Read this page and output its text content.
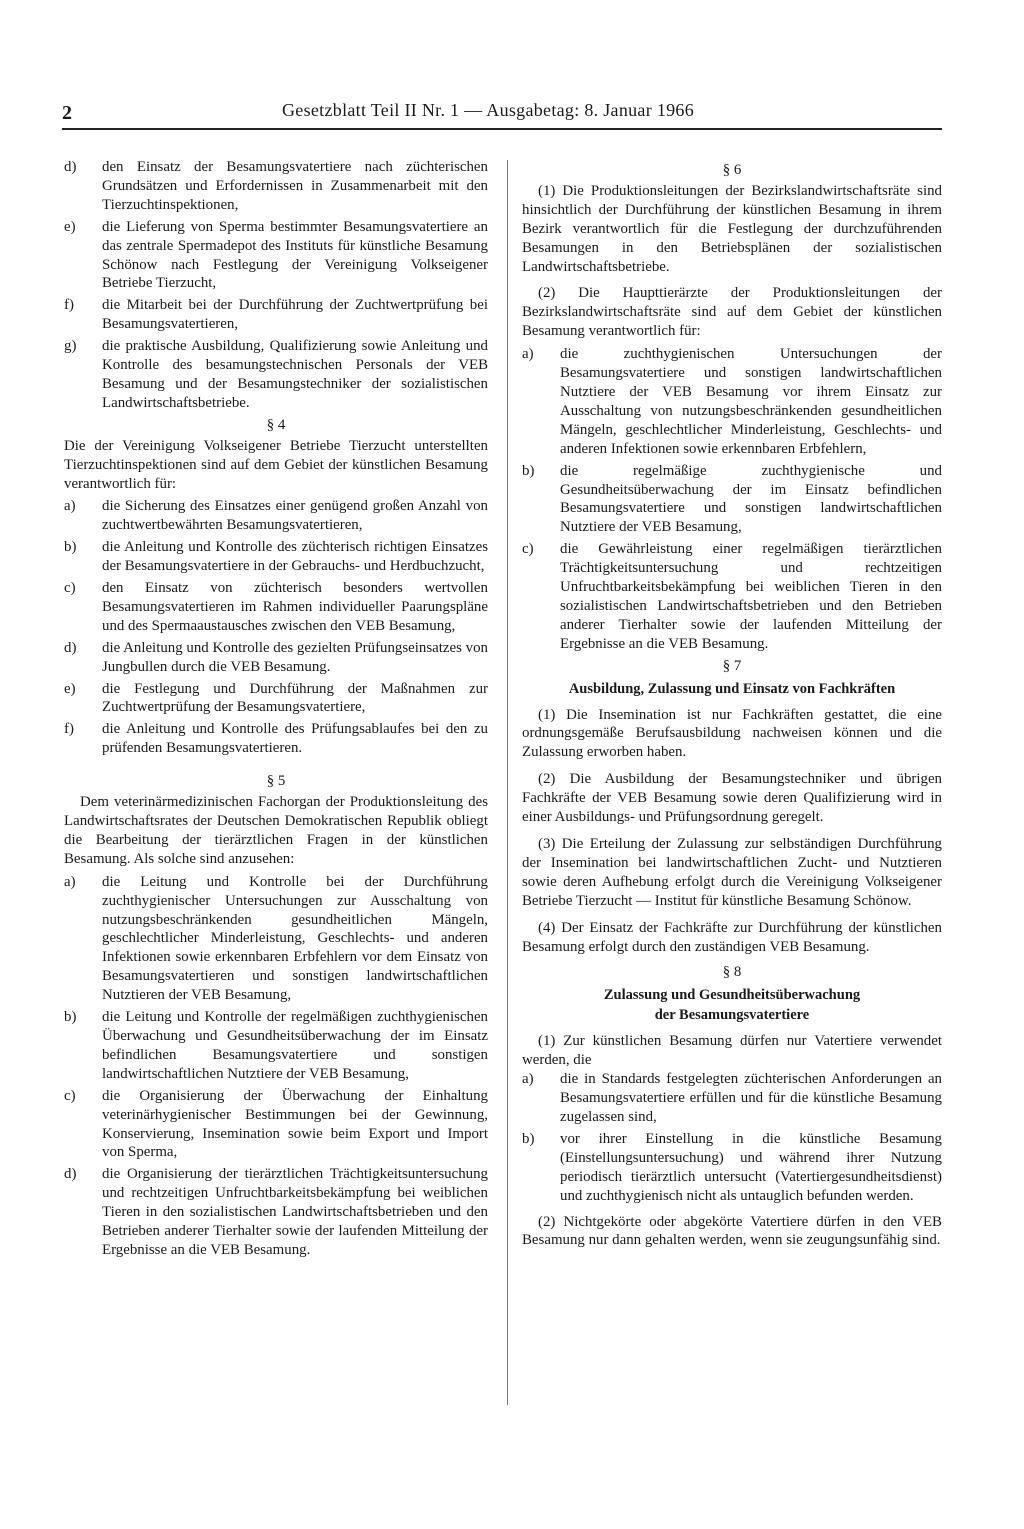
2	Gesetzblatt Teil II Nr. 1 — Ausgabetag: 8. Januar 1966
d)	den Einsatz der Besamungsvatertiere nach züchterischen Grundsätzen und Erfordernissen in Zusammenarbeit mit den Tierzuchtinspektionen,
e)	die Lieferung von Sperma bestimmter Besamungsvatertiere an das zentrale Spermadepot des Instituts für künstliche Besamung Schönow nach Festlegung der Vereinigung Volkseigener Betriebe Tierzucht,
f)	die Mitarbeit bei der Durchführung der Zuchtwertprüfung bei Besamungsvatertieren,
g)	die praktische Ausbildung, Qualifizierung sowie Anleitung und Kontrolle des besamungstechnischen Personals der VEB Besamung und der Besamungstechniker der sozialistischen Landwirtschaftsbetriebe.
§ 4

Die der Vereinigung Volkseigener Betriebe Tierzucht unterstellten Tierzuchtinspektionen sind auf dem Gebiet der künstlichen Besamung verantwortlich für:

a)	die Sicherung des Einsatzes einer genügend großen Anzahl von zuchtwertbewährten Besamungsvatertieren,
b)	die Anleitung und Kontrolle des züchterisch richtigen Einsatzes der Besamungsvatertiere in der Gebrauchs- und Herdbuchzucht,
c)	den Einsatz von züchterisch besonders wertvollen Besamungsvatertieren im Rahmen individueller Paarungspläne und des Spermaaustausches zwischen den VEB Besamung,
d)	die Anleitung und Kontrolle des gezielten Prüfungseinsatzes von Jungbullen durch die VEB Besamung.
e)	die Festlegung und Durchführung der Maßnahmen zur Zuchtwertprüfung der Besamungsvatertiere,
f)	die Anleitung und Kontrolle des Prüfungsablaufes bei den zu prüfenden Besamungsvatertieren.
§ 5

Dem veterinärmedizinischen Fachorgan der Produktionsleitung des Landwirtschaftsrates der Deutschen Demokratischen Republik obliegt die Bearbeitung der tierärztlichen Fragen in der künstlichen Besamung. Als solche sind anzusehen:

a)	die Leitung und Kontrolle bei der Durchführung zuchthygienischer Untersuchungen zur Ausschaltung von nutzungsbeschränkenden gesundheitlichen Mängeln, geschlechtlicher Minderleistung, Geschlechts- und anderen Infektionen sowie erkennbaren Erbfehlern vor dem Einsatz von Besamungsvatertieren und sonstigen landwirtschaftlichen Nutztieren der VEB Besamung,
b)	die Leitung und Kontrolle der regelmäßigen zuchthygienischen Überwachung und Gesundheitsüberwachung der im Einsatz befindlichen Besamungsvatertiere und sonstigen landwirtschaftlichen Nutztiere der VEB Besamung,
c)	die Organisierung der Überwachung der Einhaltung veterinärhygienischer Bestimmungen bei der Gewinnung, Konservierung, Insemination sowie beim Export und Import von Sperma,
d)	die Organisierung der tierärztlichen Trächtigkeitsuntersuchung und rechtzeitigen Unfruchtbarkeitsbekämpfung bei weiblichen Tieren in den sozialistischen Landwirtschaftsbetrieben und den Betrieben anderer Tierhalter sowie der laufenden Mitteilung der Ergebnisse an die VEB Besamung.
§ 6

(1) Die Produktionsleitungen der Bezirkslandwirtschaftsräte sind hinsichtlich der Durchführung der künstlichen Besamung in ihrem Bezirk verantwortlich für die Festlegung der durchzuführenden Besamungen in den Betriebsplänen der sozialistischen Landwirtschaftsbetriebe.

(2) Die Haupttierärzte der Produktionsleitungen der Bezirkslandwirtschaftsräte sind auf dem Gebiet der künstlichen Besamung verantwortlich für:

a)	die zuchthygienischen Untersuchungen der Besamungsvatertiere und sonstigen landwirtschaftlichen Nutztiere der VEB Besamung vor ihrem Einsatz zur Ausschaltung von nutzungsbeschränkenden gesundheitlichen Mängeln, geschlechtlicher Minderleistung, Geschlechts- und anderen Infektionen sowie erkennbaren Erbfehlern,
b)	die regelmäßige zuchthygienische und Gesundheitsüberwachung der im Einsatz befindlichen Besamungsvatertiere und sonstigen landwirtschaftlichen Nutztiere der VEB Besamung,
c)	die Gewährleistung einer regelmäßigen tierärztlichen Trächtigkeitsuntersuchung und rechtzeitigen Unfruchtbarkeitsbekämpfung bei weiblichen Tieren in den sozialistischen Landwirtschaftsbetrieben und den Betrieben anderer Tierhalter sowie der laufenden Mitteilung der Ergebnisse an die VEB Besamung.
§ 7
Ausbildung, Zulassung und Einsatz von Fachkräften

(1) Die Insemination ist nur Fachkräften gestattet, die eine ordnungsgemäße Berufsausbildung nachweisen können und die Zulassung erworben haben.

(2) Die Ausbildung der Besamungstechniker und übrigen Fachkräfte der VEB Besamung sowie deren Qualifizierung wird in einer Ausbildungs- und Prüfungsordnung geregelt.

(3) Die Erteilung der Zulassung zur selbständigen Durchführung der Insemination bei landwirtschaftlichen Zucht- und Nutztieren sowie deren Aufhebung erfolgt durch die Vereinigung Volkseigener Betriebe Tierzucht — Institut für künstliche Besamung Schönow.

(4) Der Einsatz der Fachkräfte zur Durchführung der künstlichen Besamung erfolgt durch den zuständigen VEB Besamung.

§ 8
Zulassung und Gesundheitsüberwachung
der Besamungsvatertiere

(1) Zur künstlichen Besamung dürfen nur Vatertiere verwendet werden, die

a)	die in Standards festgelegten züchterischen Anforderungen an Besamungsvatertiere erfüllen und für die künstliche Besamung zugelassen sind,
b)	vor ihrer Einstellung in die künstliche Besamung (Einstellungsuntersuchung) und während ihrer Nutzung periodisch tierärztlich untersucht (Vatertiergesundheitsdienst) und zuchthygienisch nicht als untauglich befunden werden.

(2) Nichtgekörte oder abgekörte Vatertiere dürfen in den VEB Besamung nur dann gehalten werden, wenn sie zeugungsunfähig sind.
